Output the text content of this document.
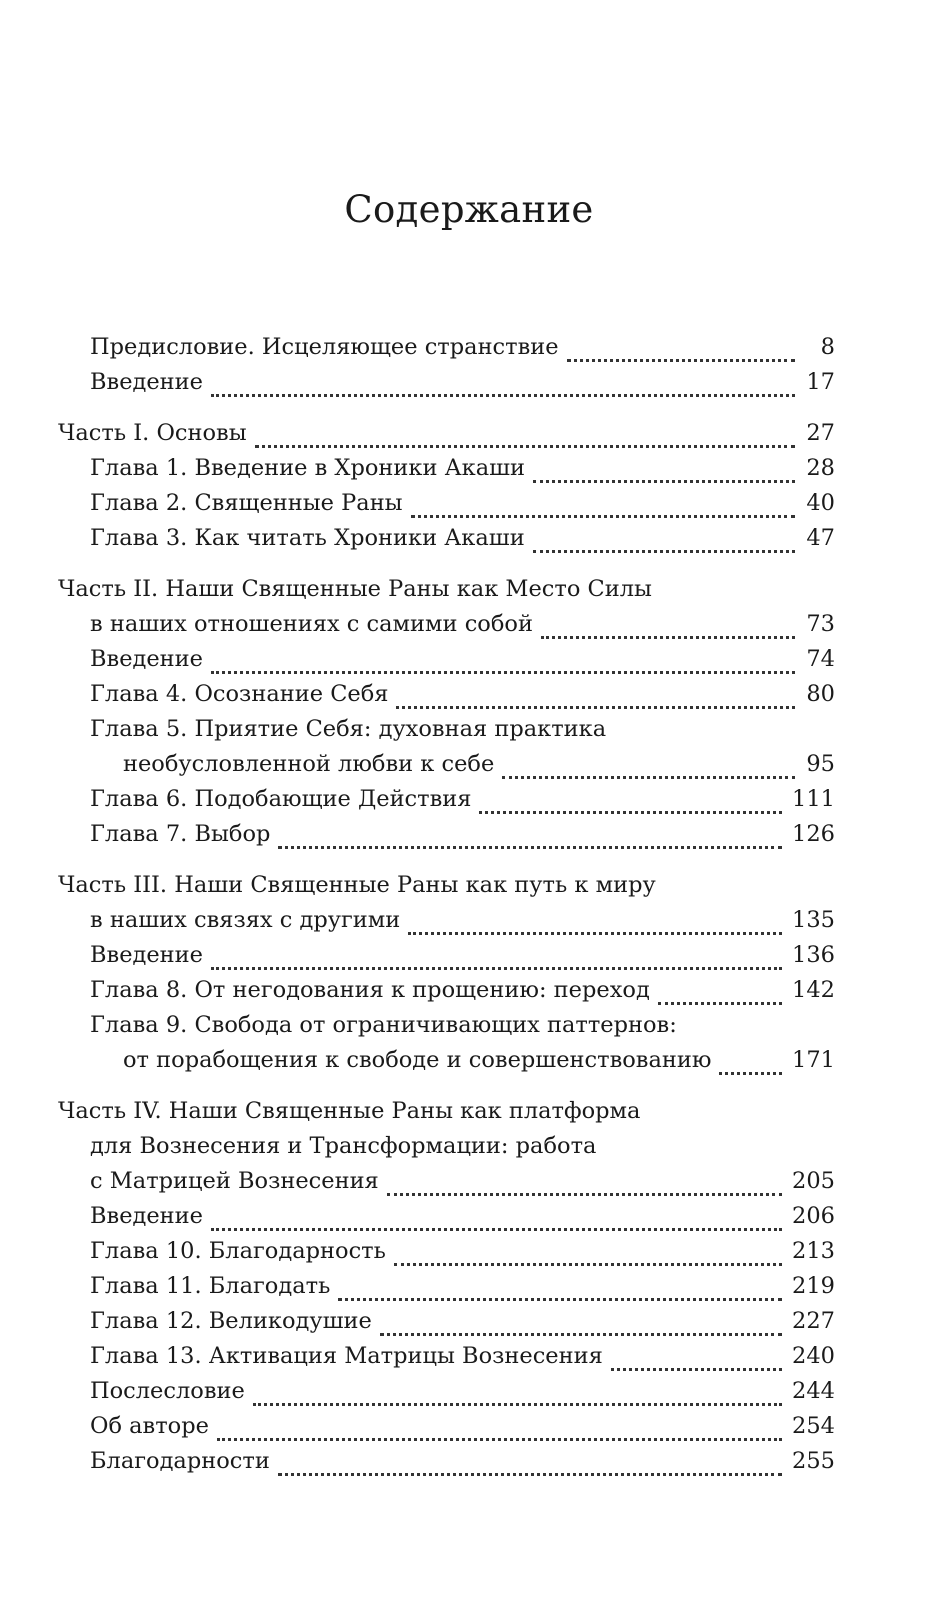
Содержание
Предисловие. Исцеляющее странствие	8
Введение	17
Часть I. Основы	27
Глава 1. Введение в Хроники Акаши	28
Глава 2. Священные Раны	40
Глава 3. Как читать Хроники Акаши	47
Часть II. Наши Священные Раны как Место Силы
в наших отношениях с самими собой	73
Введение	74
Глава 4. Осознание Себя	80
Глава 5. Приятие Себя: духовная практика
необусловленной любви к себе	95
Глава 6. Подобающие Действия	111
Глава 7. Выбор	126
Часть III. Наши Священные Раны как путь к миру
в наших связях с другими	135
Введение	136
Глава 8. От негодования к прощению: переход	142
Глава 9. Свобода от ограничивающих паттернов:
от порабощения к свободе и совершенствованию	171
Часть IV. Наши Священные Раны как платформа
для Вознесения и Трансформации: работа
с Матрицей Вознесения	205
Введение	206
Глава 10. Благодарность	213
Глава 11. Благодать	219
Глава 12. Великодушие	227
Глава 13. Активация Матрицы Вознесения	240
Послесловие	244
Об авторе	254
Благодарности	255
